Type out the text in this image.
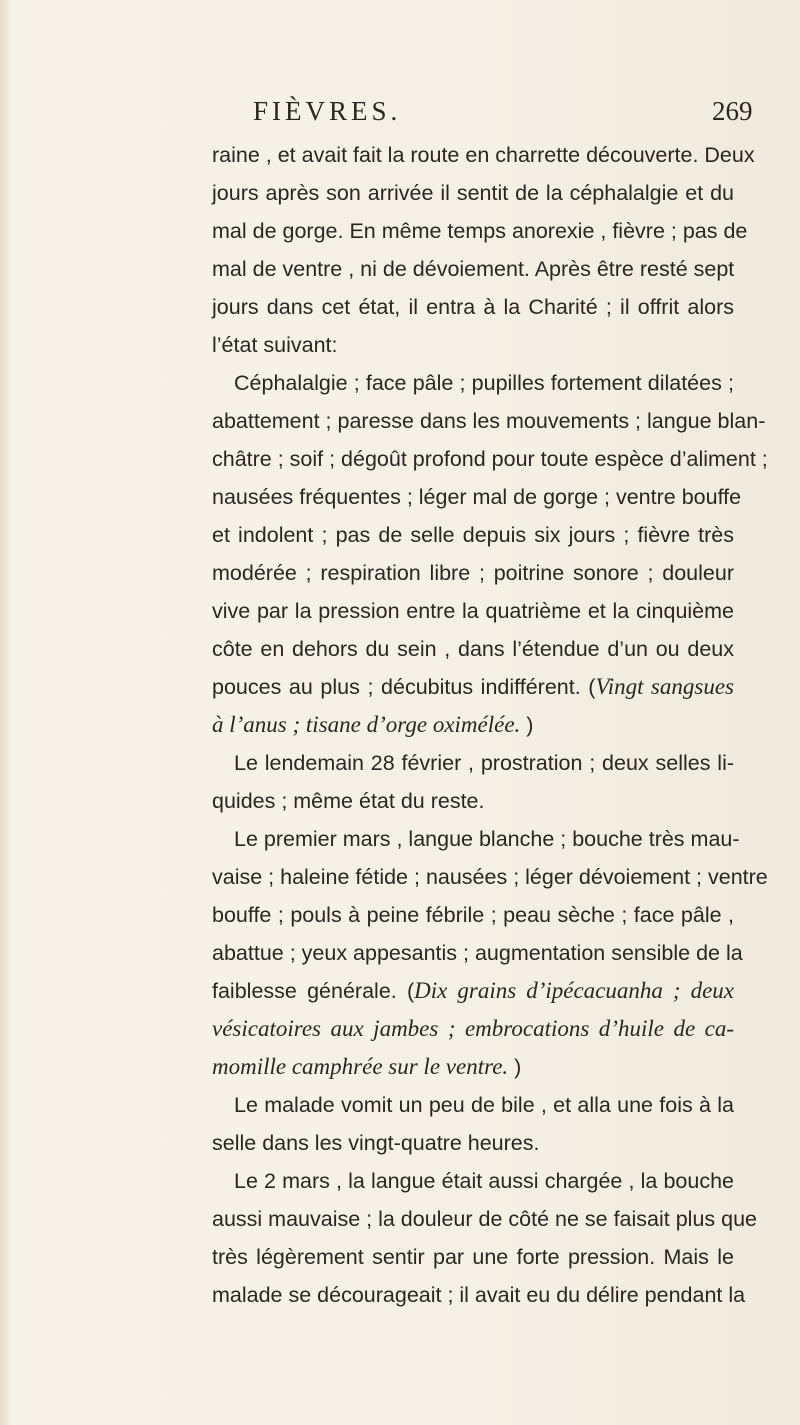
FIÈVRES.	269
raine , et avait fait la route en charrette découverte. Deux
jours après son arrivée il sentit de la céphalalgie et du
mal de gorge. En même temps anorexie , fièvre ; pas de
mal de ventre , ni de dévoiement. Après être resté sept
jours dans cet état, il entra à la Charité ; il offrit alors
l’état suivant:
Céphalalgie ; face pâle ; pupilles fortement dilatées ;
abattement ; paresse dans les mouvements ; langue blan-
châtre ; soif ; dégoût profond pour toute espèce d’aliment ;
nausées fréquentes ; léger mal de gorge ; ventre bouffe
et indolent ; pas de selle depuis six jours ; fièvre très
modérée ; respiration libre ; poitrine sonore ; douleur
vive par la pression entre la quatrième et la cinquième
côte en dehors du sein , dans l’étendue d’un ou deux
pouces au plus ; décubitus indifférent. (Vingt sangsues
à l’anus ; tisane d’orge oximélée. )
Le lendemain 28 février , prostration ; deux selles li-
quides ; même état du reste.
Le premier mars , langue blanche ; bouche très mau-
vaise ; haleine fétide ; nausées ; léger dévoiement ; ventre
bouffe ; pouls à peine fébrile ; peau sèche ; face pâle ,
abattue ; yeux appesantis ; augmentation sensible de la
faiblesse générale. (Dix grains d’ipécacuanha ; deux
vésicatoires aux jambes ; embrocations d’huile de ca-
momille camphrée sur le ventre. )
Le malade vomit un peu de bile , et alla une fois à la
selle dans les vingt-quatre heures.
Le 2 mars , la langue était aussi chargée , la bouche
aussi mauvaise ; la douleur de côté ne se faisait plus que
très légèrement sentir par une forte pression. Mais le
malade se décourageait ; il avait eu du délire pendant la
